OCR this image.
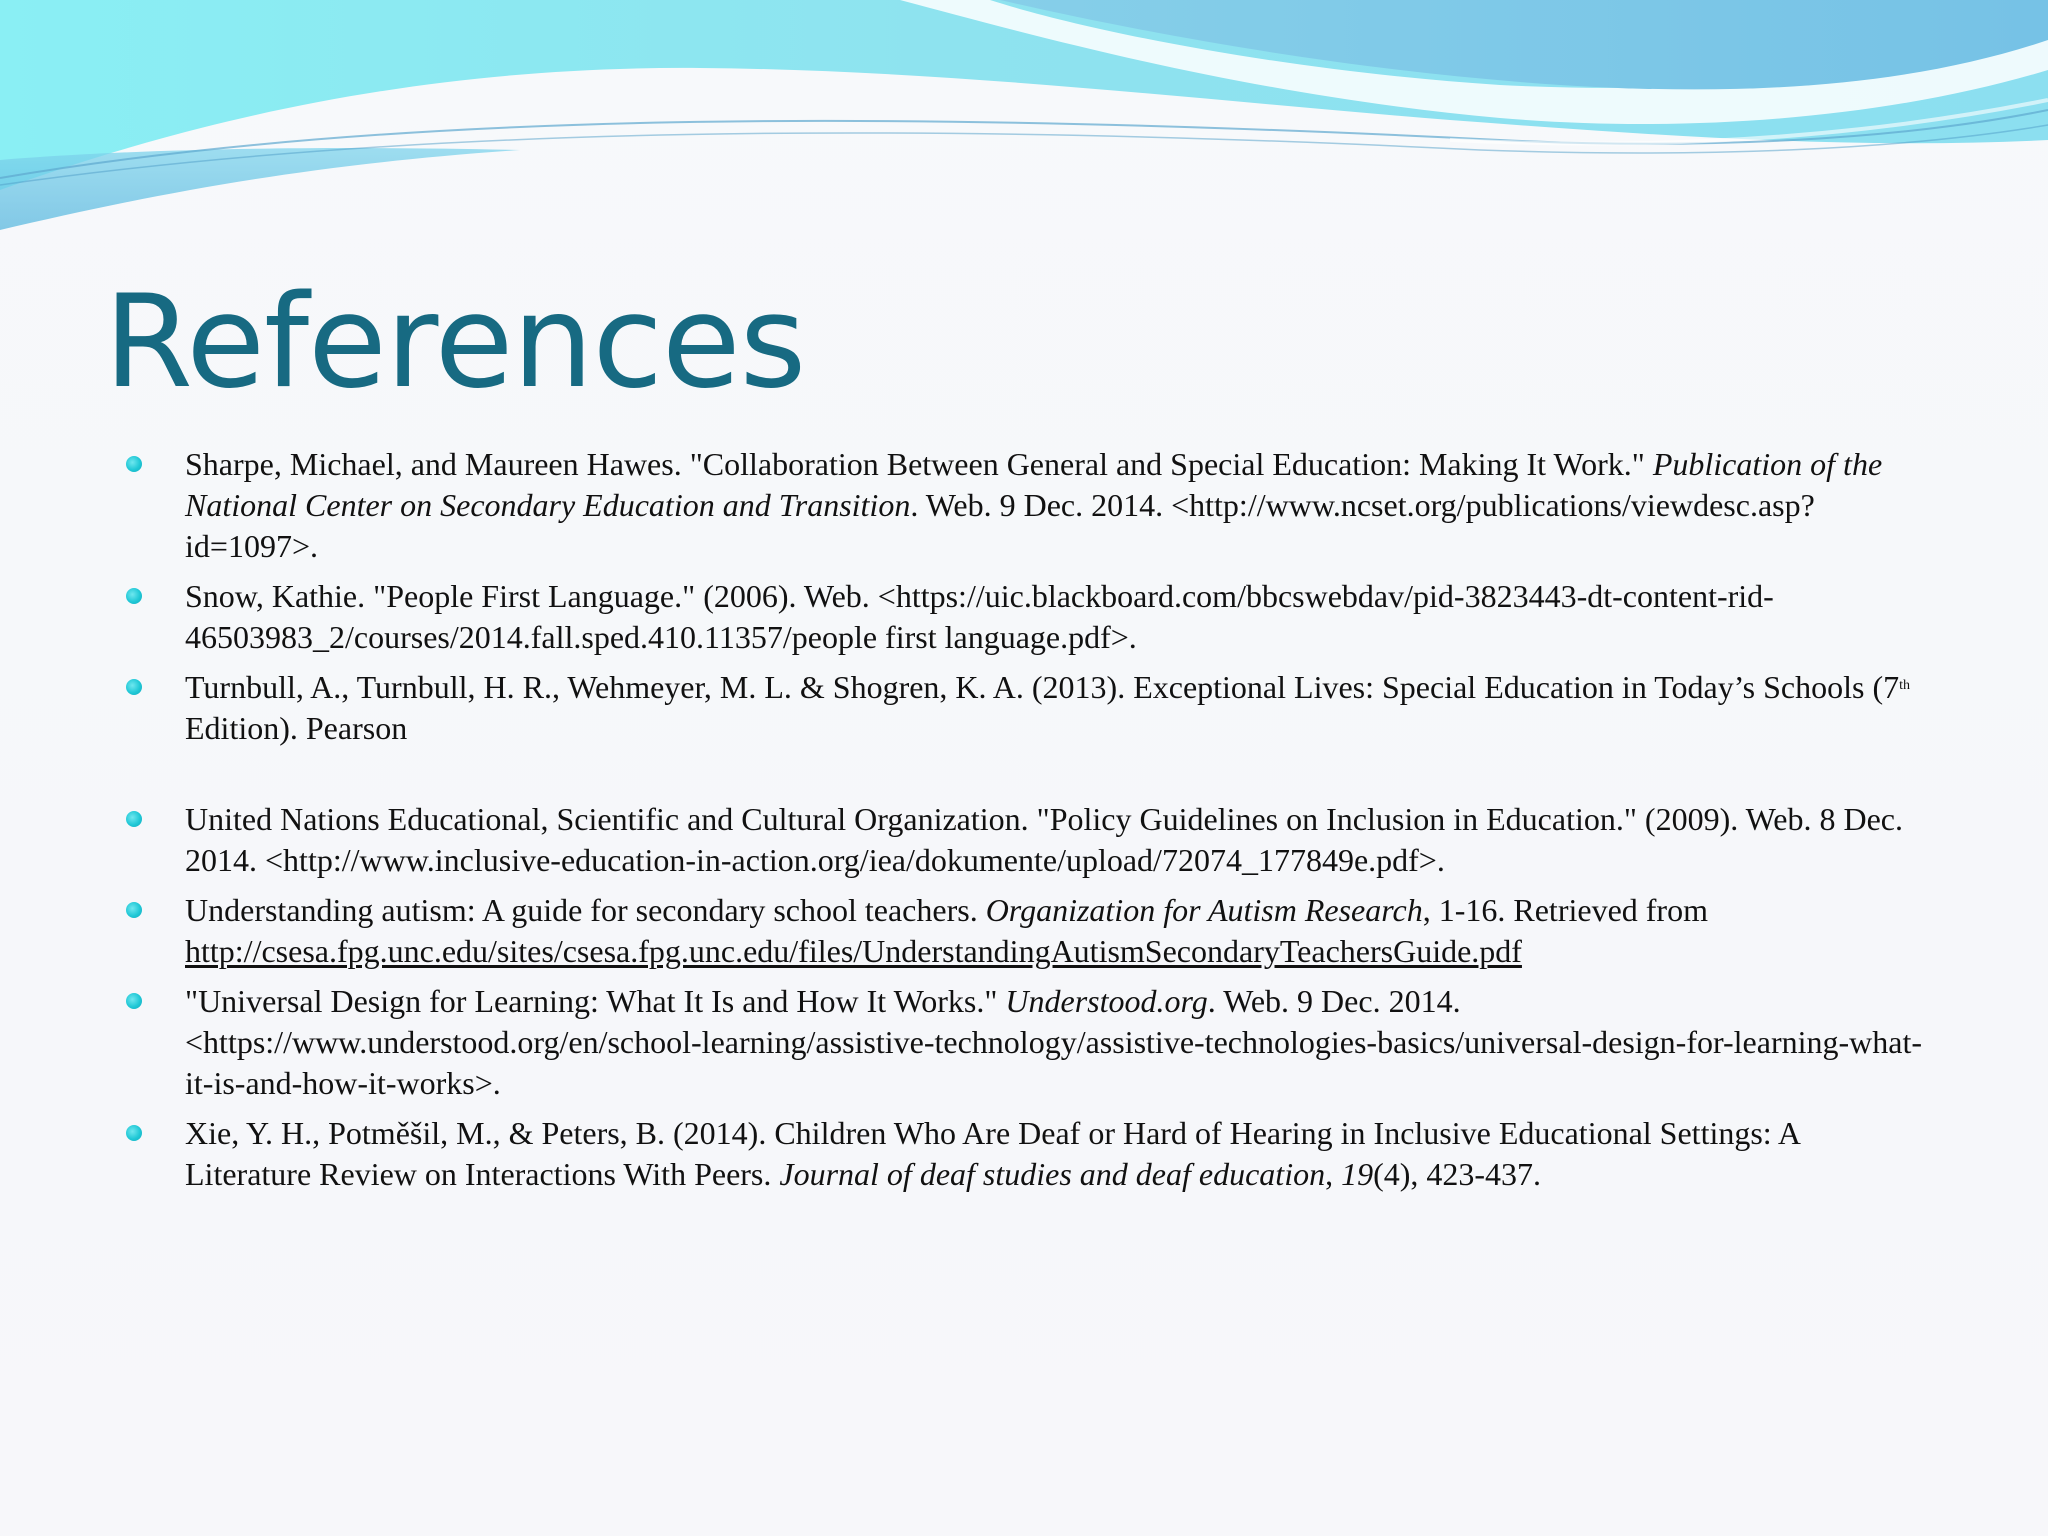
References
Sharpe, Michael, and Maureen Hawes. "Collaboration Between General and Special Education: Making It Work." Publication of the National Center on Secondary Education and Transition. Web. 9 Dec. 2014. <http://www.ncset.org/publications/viewdesc.asp?id=1097>.
Snow, Kathie. "People First Language." (2006). Web. <https://uic.blackboard.com/bbcswebdav/pid-3823443-dt-content-rid-46503983_2/courses/2014.fall.sped.410.11357/people first language.pdf>.
Turnbull, A., Turnbull, H. R., Wehmeyer, M. L. & Shogren, K. A. (2013). Exceptional Lives: Special Education in Today’s Schools (7th Edition). Pearson
United Nations Educational, Scientific and Cultural Organization. "Policy Guidelines on Inclusion in Education." (2009). Web. 8 Dec. 2014. <http://www.inclusive-education-in-action.org/iea/dokumente/upload/72074_177849e.pdf>.
Understanding autism: A guide for secondary school teachers. Organization for Autism Research, 1-16. Retrieved from http://csesa.fpg.unc.edu/sites/csesa.fpg.unc.edu/files/UnderstandingAutismSecondaryTeachersGuide.pdf
"Universal Design for Learning: What It Is and How It Works." Understood.org. Web. 9 Dec. 2014. <https://www.understood.org/en/school-learning/assistive-technology/assistive-technologies-basics/universal-design-for-learning-what-it-is-and-how-it-works>.
Xie, Y. H., Potměšil, M., & Peters, B. (2014). Children Who Are Deaf or Hard of Hearing in Inclusive Educational Settings: A Literature Review on Interactions With Peers. Journal of deaf studies and deaf education, 19(4), 423-437.
